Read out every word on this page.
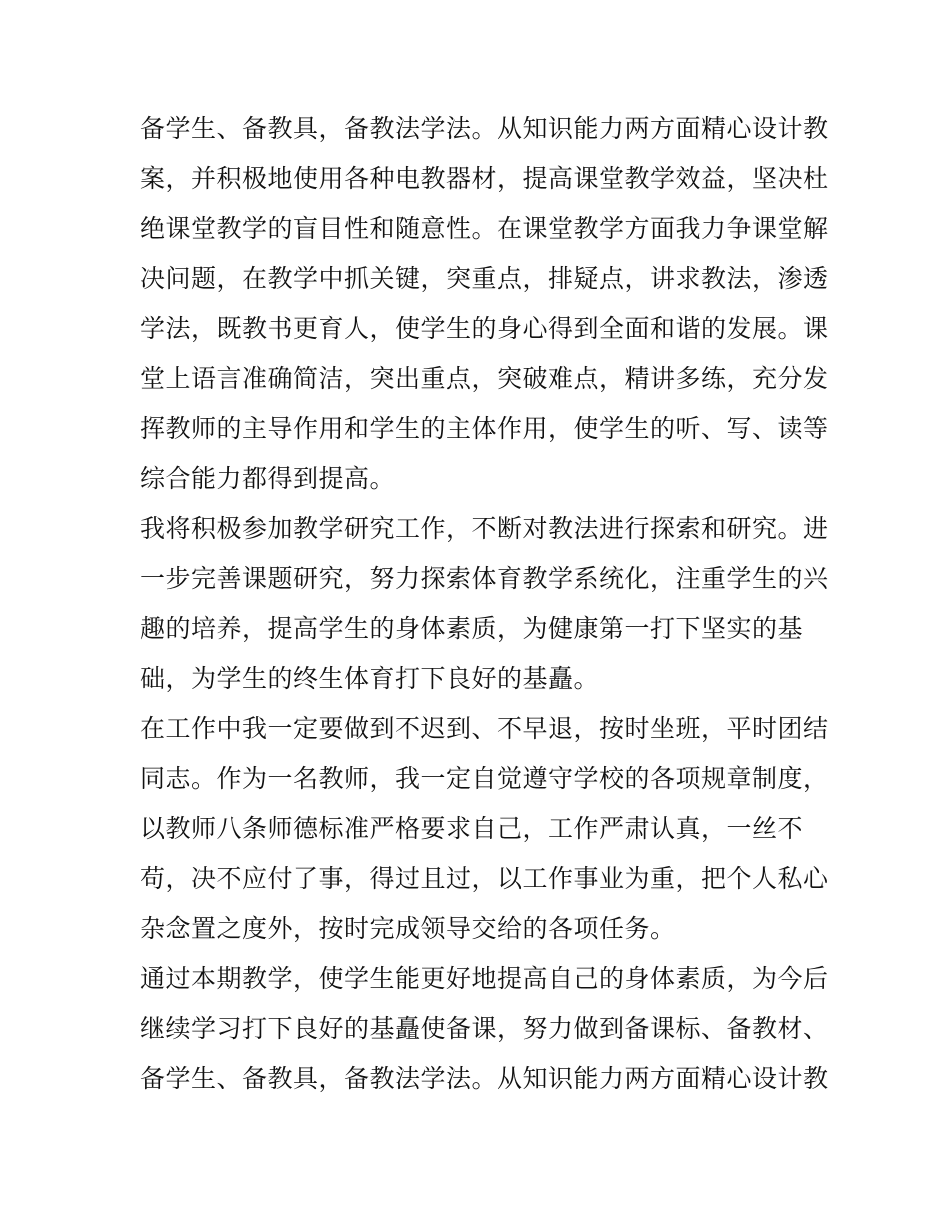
备学生、备教具，备教法学法。从知识能力两方面精心设计教
案，并积极地使用各种电教器材，提高课堂教学效益，坚决杜
绝课堂教学的盲目性和随意性。在课堂教学方面我力争课堂解
决问题，在教学中抓关键，突重点，排疑点，讲求教法，渗透
学法，既教书更育人，使学生的身心得到全面和谐的发展。课
堂上语言准确简洁，突出重点，突破难点，精讲多练，充分发
挥教师的主导作用和学生的主体作用，使学生的听、写、读等
综合能力都得到提高。
我将积极参加教学研究工作，不断对教法进行探索和研究。进
一步完善课题研究，努力探索体育教学系统化，注重学生的兴
趣的培养，提高学生的身体素质，为健康第一打下坚实的基
础，为学生的终生体育打下良好的基矗。
在工作中我一定要做到不迟到、不早退，按时坐班，平时团结
同志。作为一名教师，我一定自觉遵守学校的各项规章制度，
以教师八条师德标准严格要求自己，工作严肃认真，一丝不
苟，决不应付了事，得过且过，以工作事业为重，把个人私心
杂念置之度外，按时完成领导交给的各项任务。
通过本期教学，使学生能更好地提高自己的身体素质，为今后
继续学习打下良好的基矗使备课，努力做到备课标、备教材、
备学生、备教具，备教法学法。从知识能力两方面精心设计教
